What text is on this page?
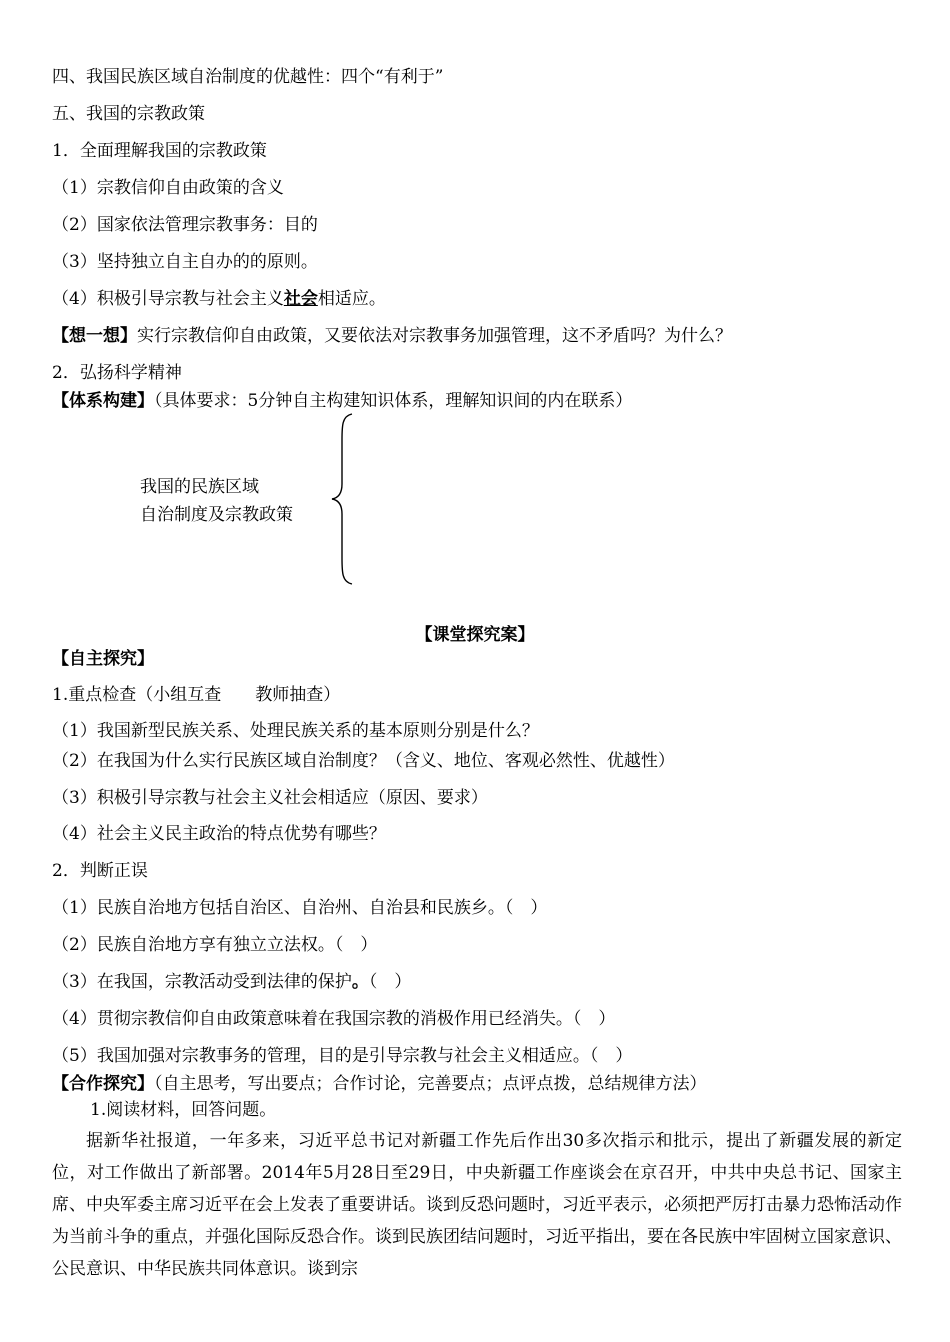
四、我国民族区域自治制度的优越性：四个“有利于”
五、我国的宗教政策
1．全面理解我国的宗教政策
（1）宗教信仰自由政策的含义
（2）国家依法管理宗教事务：目的
（3）坚持独立自主自办的的原则。
（4）积极引导宗教与社会主义社会相适应。
【想一想】实行宗教信仰自由政策，又要依法对宗教事务加强管理，这不矛盾吗？为什么？
2．弘扬科学精神
【体系构建】（具体要求：5分钟自主构建知识体系，理解知识间的内在联系）
我国的民族区域
自治制度及宗教政策
【课堂探究案】
【自主探究】
1.重点检查（小组互查　　教师抽查）
（1）我国新型民族关系、处理民族关系的基本原则分别是什么？
（2）在我国为什么实行民族区域自治制度？（含义、地位、客观必然性、优越性）
（3）积极引导宗教与社会主义社会相适应（原因、要求）
（4）社会主义民主政治的特点优势有哪些？
2．判断正误
（1）民族自治地方包括自治区、自治州、自治县和民族乡。（　）
（2）民族自治地方享有独立立法权。（　）
（3）在我国，宗教活动受到法律的保护。（　）
（4）贯彻宗教信仰自由政策意味着在我国宗教的消极作用已经消失。（　）
（5）我国加强对宗教事务的管理，目的是引导宗教与社会主义相适应。（　）
【合作探究】（自主思考，写出要点；合作讨论，完善要点；点评点拨，总结规律方法）
1.阅读材料，回答问题。
据新华社报道，一年多来，习近平总书记对新疆工作先后作出30多次指示和批示，提出了新疆发展的新定位，对工作做出了新部署。2014年5月28日至29日，中央新疆工作座谈会在京召开，中共中央总书记、国家主席、中央军委主席习近平在会上发表了重要讲话。谈到反恐问题时，习近平表示，必须把严厉打击暴力恐怖活动作为当前斗争的重点，并强化国际反恐合作。谈到民族团结问题时，习近平指出，要在各民族中牢固树立国家意识、公民意识、中华民族共同体意识。谈到宗
